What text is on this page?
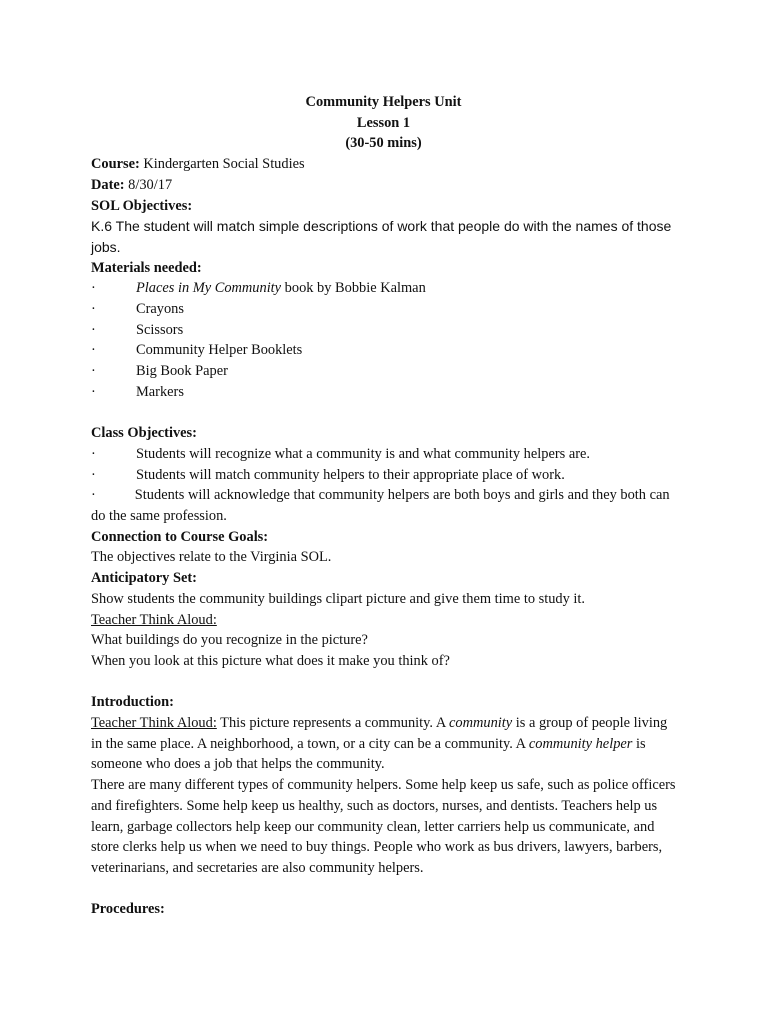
Community Helpers Unit

Lesson 1

(30-50 mins)

Course: Kindergarten Social Studies

Date: 8/30/17

SOL Objectives:

K.6 The student will match simple descriptions of work that people do with the names of those jobs.

Materials needed:

·	Places in My Community book by Bobbie Kalman

·	Crayons

·	Scissors

·	Community Helper Booklets

·	Big Book Paper

·	Markers

Class Objectives:

·	Students will recognize what a community is and what community helpers are.

·	Students will match community helpers to their appropriate place of work.

·	Students will acknowledge that community helpers are both boys and girls and they both can do the same profession.

Connection to Course Goals:

The objectives relate to the Virginia SOL.

Anticipatory Set:

Show students the community buildings clipart picture and give them time to study it.

Teacher Think Aloud:

What buildings do you recognize in the picture?

When you look at this picture what does it make you think of?

Introduction:

Teacher Think Aloud: This picture represents a community. A community is a group of people living in the same place. A neighborhood, a town, or a city can be a community. A community helper is someone who does a job that helps the community.

There are many different types of community helpers. Some help keep us safe, such as police officers and firefighters. Some help keep us healthy, such as doctors, nurses, and dentists. Teachers help us learn, garbage collectors help keep our community clean, letter carriers help us communicate, and store clerks help us when we need to buy things. People who work as bus drivers, lawyers, barbers, veterinarians, and secretaries are also community helpers.

Procedures:
